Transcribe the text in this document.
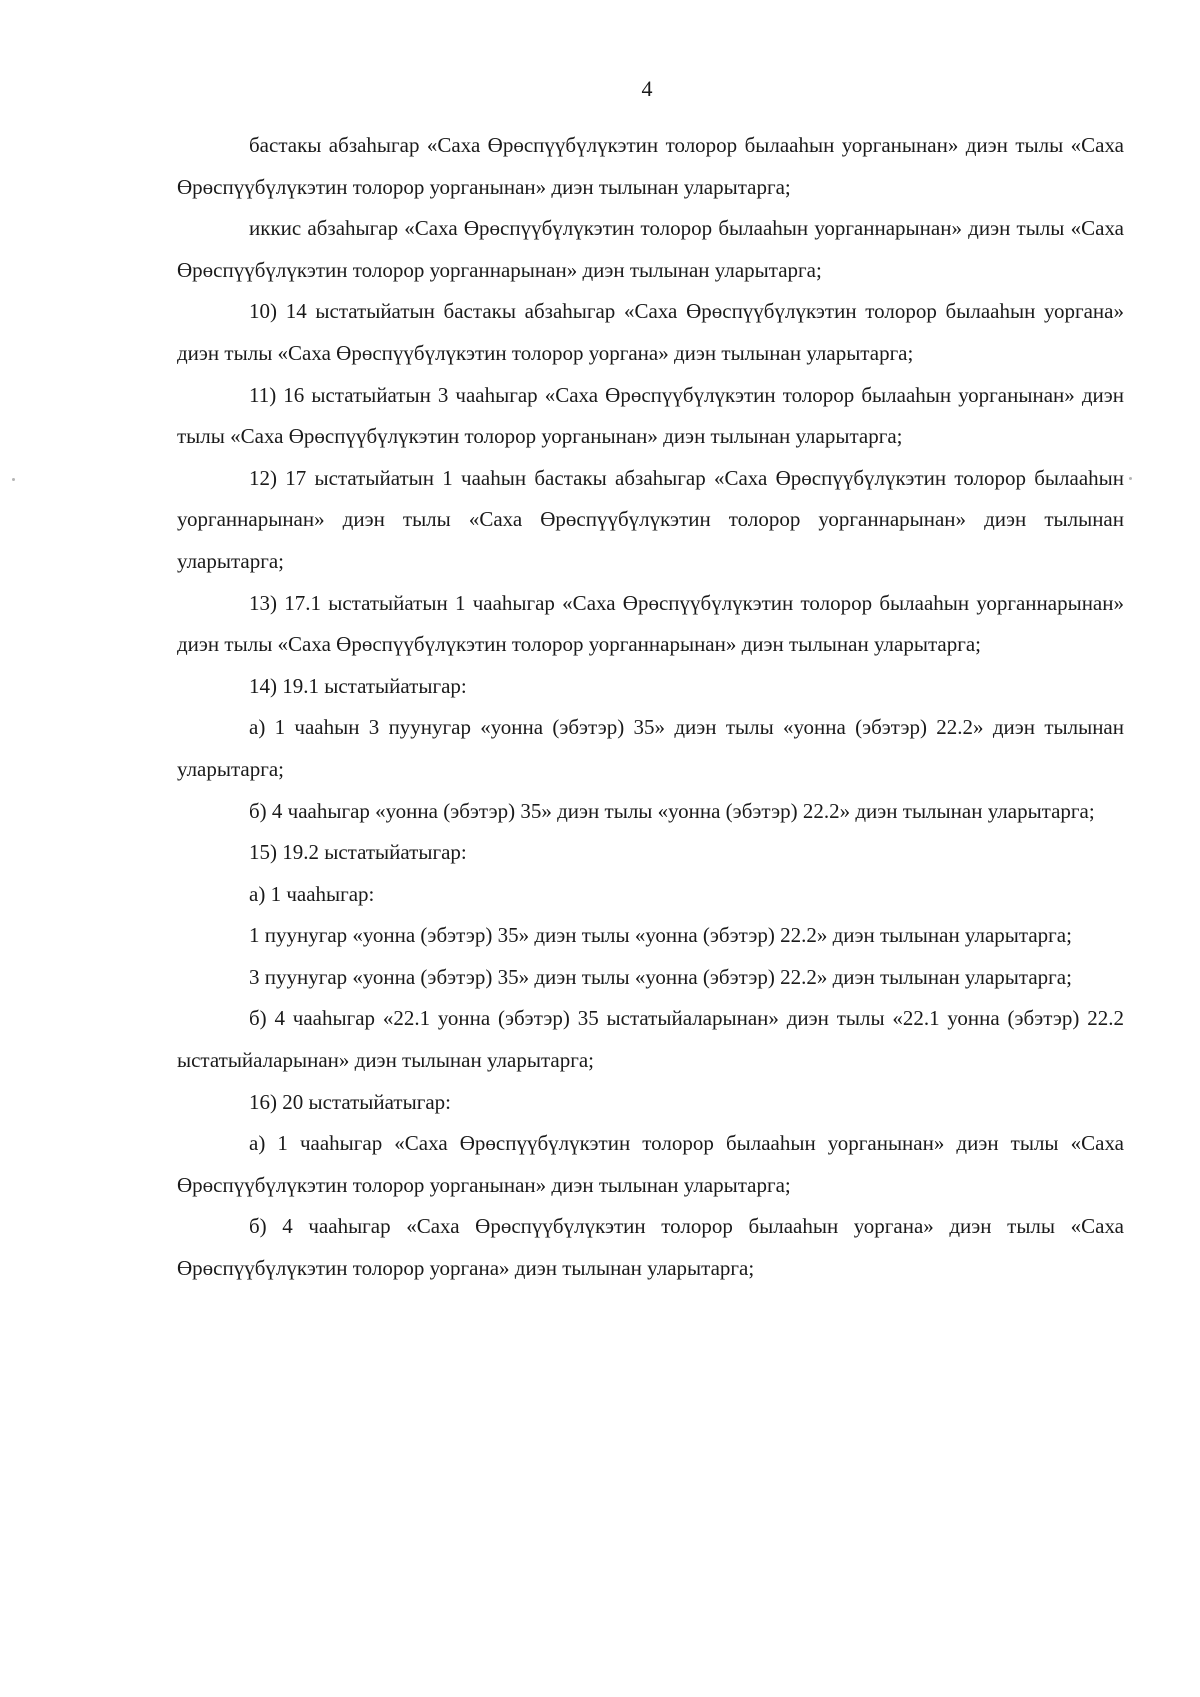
4

бастакы абзаһыгар «Саха Өрөспүүбүлүкэтин толорор былааһын уорганынан» диэн тылы «Саха Өрөспүүбүлүкэтин толорор уорганынан» диэн тылынан уларытарга;

иккис абзаһыгар «Саха Өрөспүүбүлүкэтин толорор былааһын уорганнарынан» диэн тылы «Саха Өрөспүүбүлүкэтин толорор уорганнарынан» диэн тылынан уларытарга;

10) 14 ыстатыйатын бастакы абзаһыгар «Саха Өрөспүүбүлүкэтин толорор былааһын уоргана» диэн тылы «Саха Өрөспүүбүлүкэтин толорор уоргана» диэн тылынан уларытарга;

11) 16 ыстатыйатын 3 чааһыгар «Саха Өрөспүүбүлүкэтин толорор былааһын уорганынан» диэн тылы «Саха Өрөспүүбүлүкэтин толорор уорганынан» диэн тылынан уларытарга;

12) 17 ыстатыйатын 1 чааһын бастакы абзаһыгар «Саха Өрөспүүбүлүкэтин толорор былааһын уорганнарынан» диэн тылы «Саха Өрөспүүбүлүкэтин толорор уорганнарынан» диэн тылынан уларытарга;

13) 17.1 ыстатыйатын 1 чааһыгар «Саха Өрөспүүбүлүкэтин толорор былааһын уорганнарынан» диэн тылы «Саха Өрөспүүбүлүкэтин толорор уорганнарынан» диэн тылынан уларытарга;

14) 19.1 ыстатыйатыгар:

а) 1 чааһын 3 пуунугар «уонна (эбэтэр) 35» диэн тылы «уонна (эбэтэр) 22.2» диэн тылынан уларытарга;

б) 4 чааһыгар «уонна (эбэтэр) 35» диэн тылы «уонна (эбэтэр) 22.2» диэн тылынан уларытарга;

15) 19.2 ыстатыйатыгар:

а) 1 чааһыгар:

1 пуунугар «уонна (эбэтэр) 35» диэн тылы «уонна (эбэтэр) 22.2» диэн тылынан уларытарга;

3 пуунугар «уонна (эбэтэр) 35» диэн тылы «уонна (эбэтэр) 22.2» диэн тылынан уларытарга;

б) 4 чааһыгар «22.1 уонна (эбэтэр) 35 ыстатыйаларынан» диэн тылы «22.1 уонна (эбэтэр) 22.2 ыстатыйаларынан» диэн тылынан уларытарга;

16) 20 ыстатыйатыгар:

а) 1 чааһыгар «Саха Өрөспүүбүлүкэтин толорор былааһын уорганынан» диэн тылы «Саха Өрөспүүбүлүкэтин толорор уорганынан» диэн тылынан уларытарга;

б) 4 чааһыгар «Саха Өрөспүүбүлүкэтин толорор былааһын уоргана» диэн тылы «Саха Өрөспүүбүлүкэтин толорор уоргана» диэн тылынан уларытарга;
